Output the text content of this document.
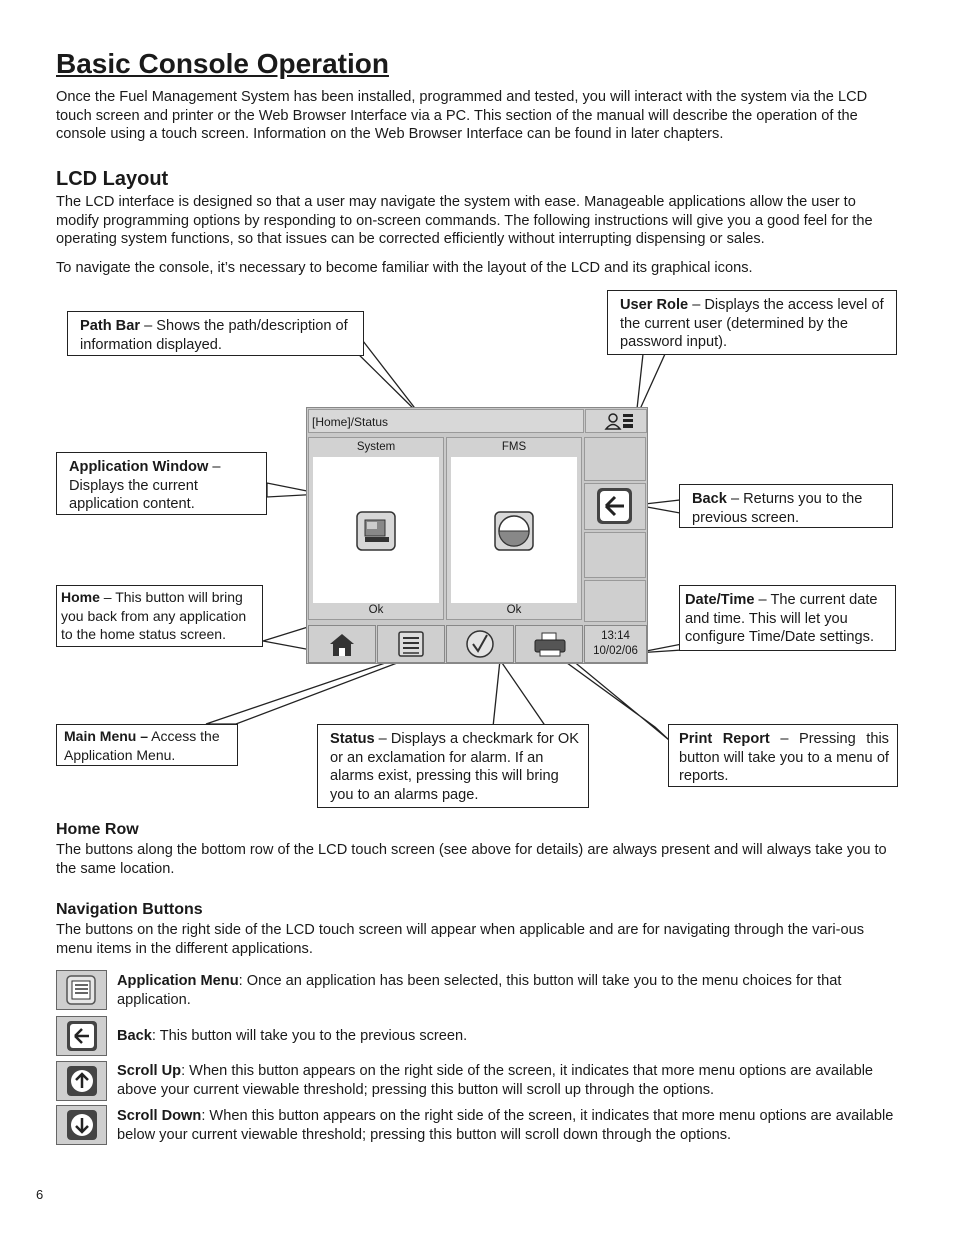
Basic Console Operation

Once the Fuel Management System has been installed, programmed and tested, you will interact with the system via the LCD touch screen and printer or the Web Browser Interface via a PC. This section of the manual will describe the operation of the console using a touch screen. Information on the Web Browser Interface can be found in later chapters.

LCD Layout

The LCD interface is designed so that a user may navigate the system with ease. Manageable applications allow the user to modify programming options by responding to on-screen commands. The following instructions will give you a good feel for the operating system functions, so that issues can be corrected efficiently without interrupting dispensing or sales.

To navigate the console, it’s necessary to become familiar with the layout of the LCD and its graphical icons.

[Home]/Status
System
Ok
FMS
Ok
13:14
10/02/06
Path Bar – Shows the path/description of information displayed.
User Role – Displays the access level of the current user (determined by the password input).
Application Window – Displays the current application content.	Back – Returns you to the previous screen.
Home – This button will bring you back from any application to the home status screen.
Date/Time – The current date and time. This will let you configure Time/Date settings.
Main Menu – Access the Application Menu.
Status – Displays a checkmark for OK or an exclamation for alarm. If an alarms exist, pressing this will bring you to an alarms page.
Print Report – Pressing this button will take you to a menu of reports.
Home Row

The buttons along the bottom row of the LCD touch screen (see above for details) are always present and will always take you to the same location.

Navigation Buttons

The buttons on the right side of the LCD touch screen will appear when applicable and are for navigating through the vari-ous menu items in the different applications.

Application Menu: Once an application has been selected, this button will take you to the menu choices for that application.

Back: This button will take you to the previous screen.

Scroll Up: When this button appears on the right side of the screen, it indicates that more menu options are available above your current viewable threshold; pressing this button will scroll up through the options.

Scroll Down: When this button appears on the right side of the screen, it indicates that more menu options are available below your current viewable threshold; pressing this button will scroll down through the options.

6
